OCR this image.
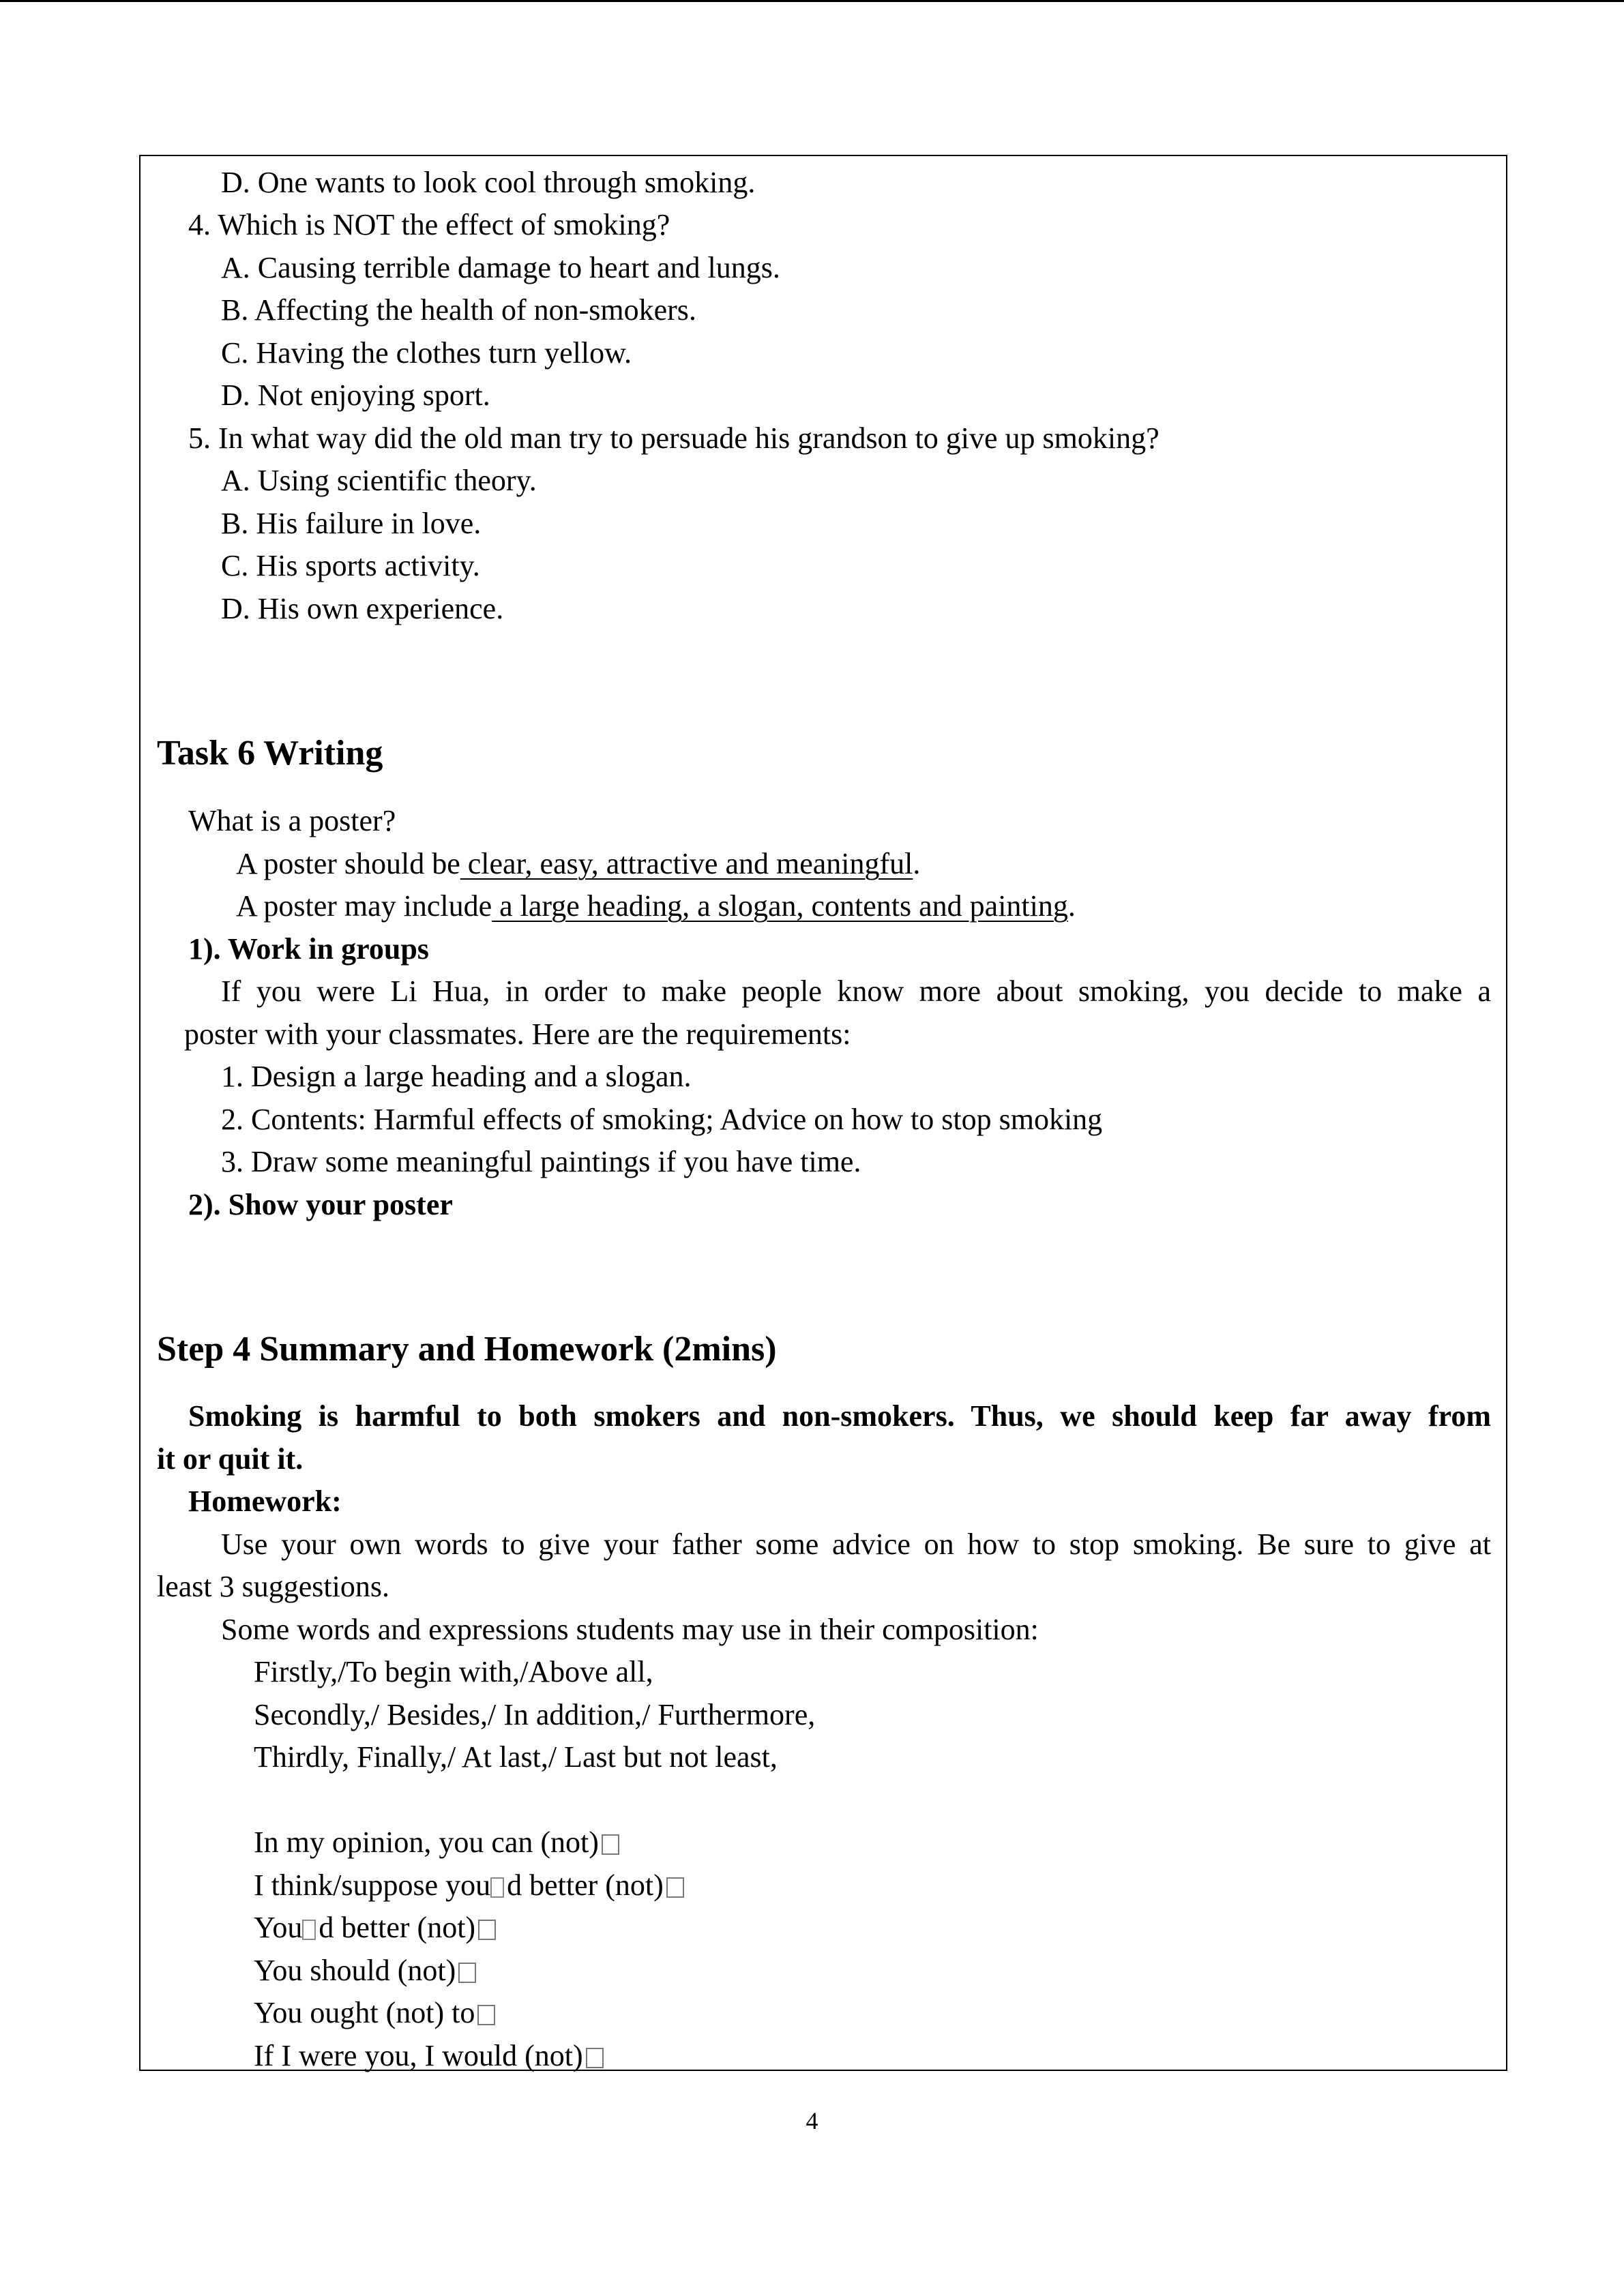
D. One wants to look cool through smoking.
4. Which is NOT the effect of smoking?
A. Causing terrible damage to heart and lungs.
B. Affecting the health of non-smokers.
C. Having the clothes turn yellow.
D. Not enjoying sport.
5. In what way did the old man try to persuade his grandson to give up smoking?
A. Using scientific theory.
B. His failure in love.
C. His sports activity.
D. His own experience.
Task 6 Writing
What is a poster?
A poster should be clear, easy, attractive and meaningful.
A poster may include a large heading, a slogan, contents and painting.
1). Work in groups
If you were Li Hua, in order to make people know more about smoking, you decide to make a
poster with your classmates. Here are the requirements:
1. Design a large heading and a slogan.
2. Contents: Harmful effects of smoking; Advice on how to stop smoking
3. Draw some meaningful paintings if you have time.
2). Show your poster
Step 4 Summary and Homework (2mins)
Smoking is harmful to both smokers and non-smokers. Thus, we should keep far away from
it or quit it.
Homework:
Use your own words to give your father some advice on how to stop smoking. Be sure to give at
least 3 suggestions.
Some words and expressions students may use in their composition:
Firstly,/To begin with,/Above all,
Secondly,/ Besides,/ In addition,/ Furthermore,
Thirdly, Finally,/ At last,/ Last but not least,
In my opinion, you can (not)
I think/suppose you d better (not)
You d better (not)
You should (not)
You ought (not) to
If I were you, I would (not)
4
